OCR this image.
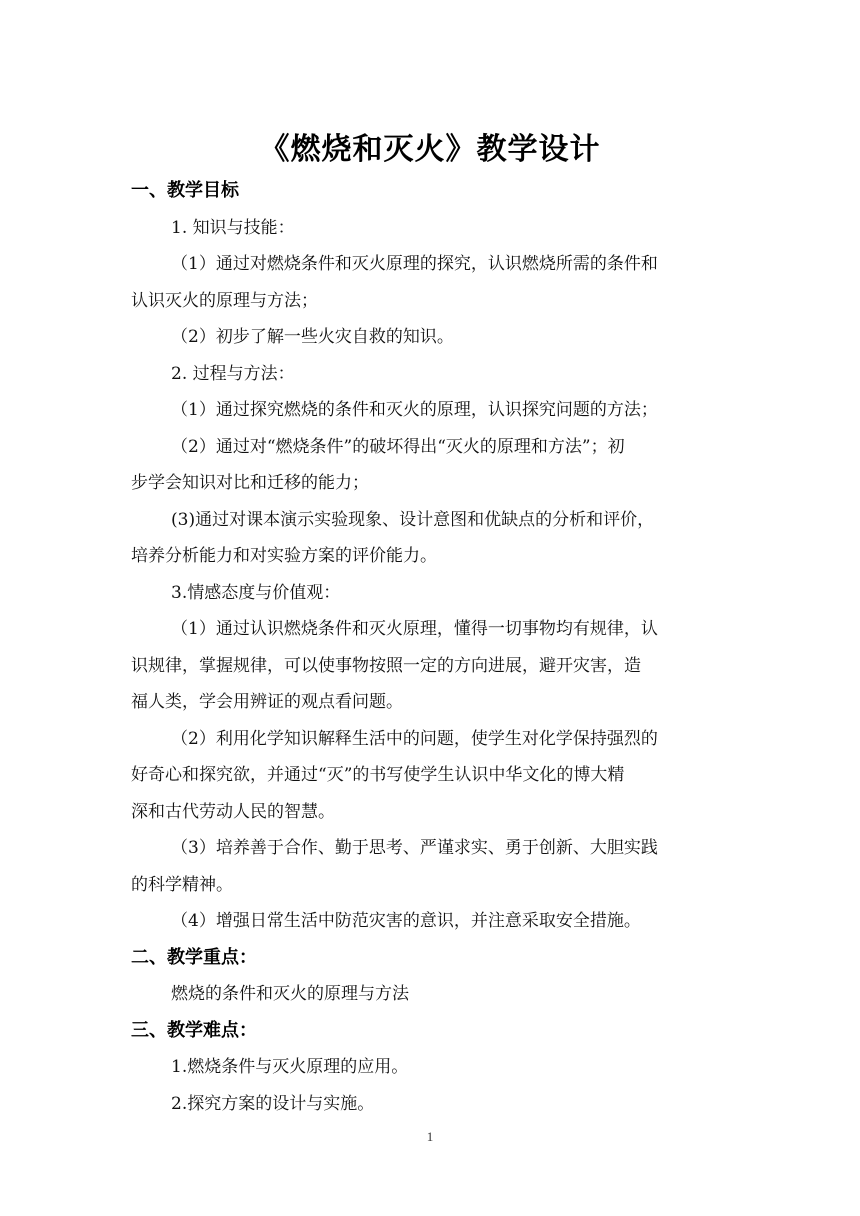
《燃烧和灭火》教学设计
一、教学目标
1. 知识与技能：
（1）通过对燃烧条件和灭火原理的探究，认识燃烧所需的条件和
认识灭火的原理与方法；
（2）初步了解一些火灾自救的知识。
2. 过程与方法：
（1）通过探究燃烧的条件和灭火的原理，认识探究问题的方法；
（2）通过对“燃烧条件”的破坏得出“灭火的原理和方法”；初
步学会知识对比和迁移的能力；
(3)通过对课本演示实验现象、设计意图和优缺点的分析和评价，
培养分析能力和对实验方案的评价能力。
3.情感态度与价值观：
（1）通过认识燃烧条件和灭火原理，懂得一切事物均有规律，认
识规律，掌握规律，可以使事物按照一定的方向进展，避开灾害，造
福人类，学会用辨证的观点看问题。
（2）利用化学知识解释生活中的问题，使学生对化学保持强烈的
好奇心和探究欲，并通过“灭”的书写使学生认识中华文化的博大精
深和古代劳动人民的智慧。
（3）培养善于合作、勤于思考、严谨求实、勇于创新、大胆实践
的科学精神。
（4）增强日常生活中防范灾害的意识，并注意采取安全措施。
二、教学重点：
燃烧的条件和灭火的原理与方法
三、教学难点：
1.燃烧条件与灭火原理的应用。
2.探究方案的设计与实施。
1
